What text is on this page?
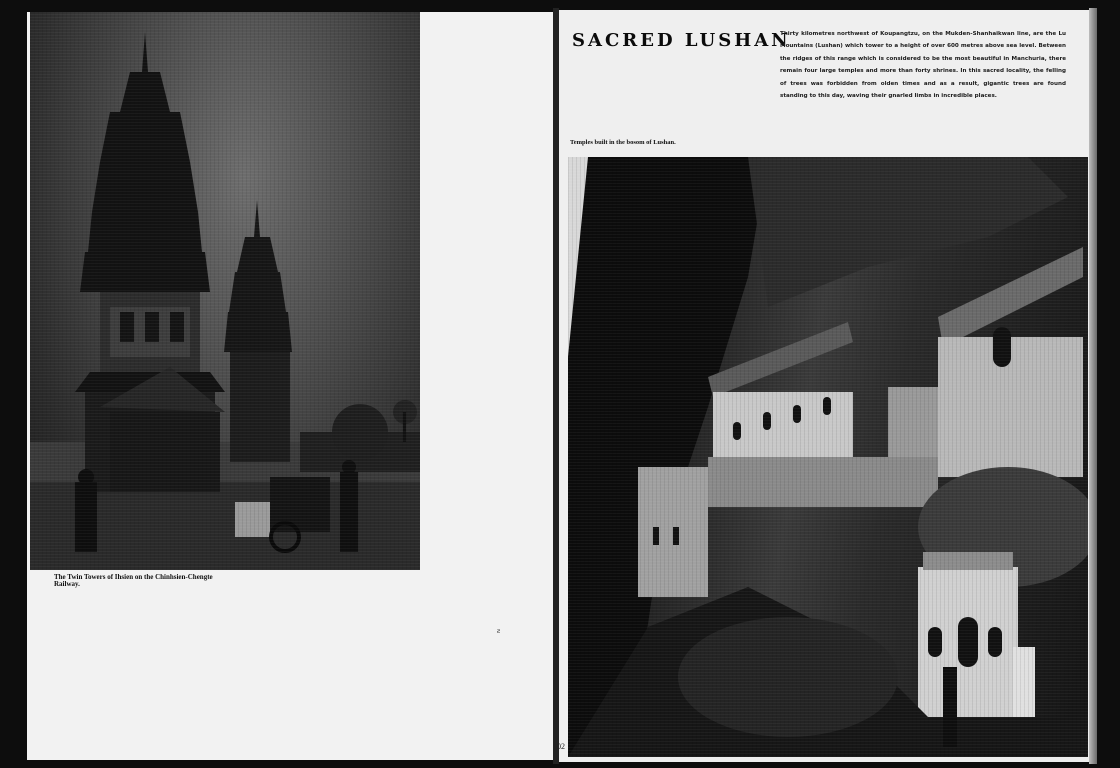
The Twin Towers of Ihsien on the Chinhsien-Chengte Railway.
SACRED LUSHAN

Thirty kilometres northwest of Koupangtzu, on the Mukden-Shanhaikwan line, are the Lu Mountains (Lushan) which tower to a height of over 600 metres above sea level. Between the ridges of this range which is considered to be the most beautiful in Manchuria, there remain four large temples and more than forty shrines. In this sacred locality, the felling of trees was forbidden from olden times and as a result, gigantic trees are found standing to this day, waving their gnarled limbs in incredible places.

Temples built in the bosom of Lushan.
102
ƨ
